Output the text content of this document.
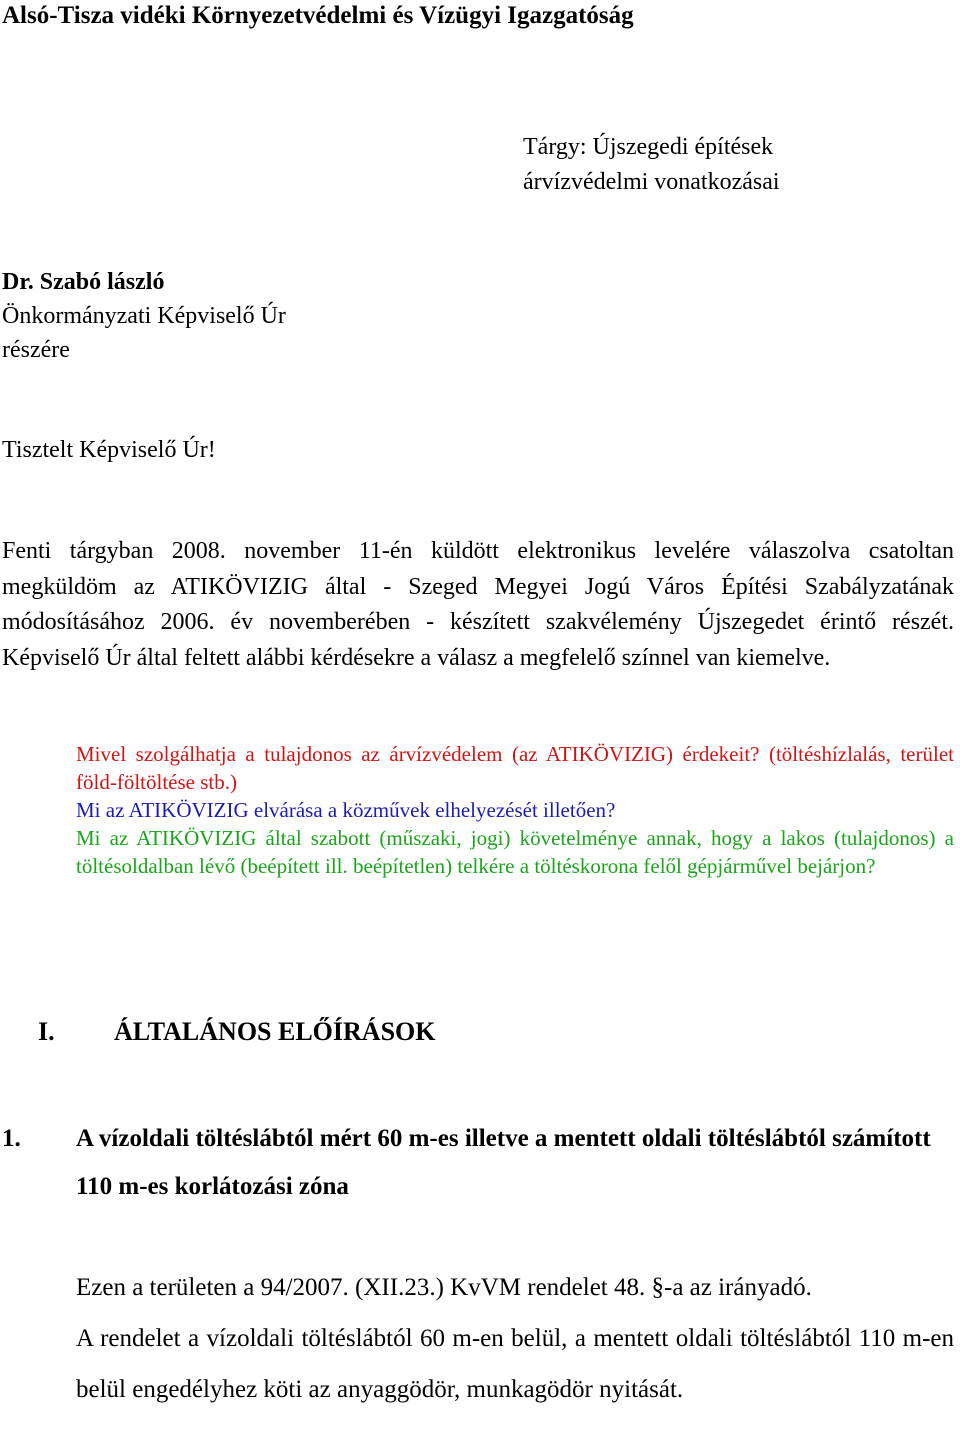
Alsó-Tisza vidéki Környezetvédelmi és Vízügyi Igazgatóság
Tárgy: Újszegedi építések
árvízvédelmi vonatkozásai
Dr. Szabó lászló
Önkormányzati Képviselő Úr
részére
Tisztelt Képviselő Úr!
Fenti tárgyban 2008. november 11-én küldött elektronikus levelére válaszolva csatoltan megküldöm az ATIKÖVIZIG által - Szeged Megyei Jogú Város Építési Szabályzatának módosításához 2006. év novemberében - készített szakvélemény Újszegedet érintő részét. Képviselő Úr által feltett alábbi kérdésekre a válasz a megfelelő színnel van kiemelve.
Mivel szolgálhatja a tulajdonos az árvízvédelem (az ATIKÖVIZIG) érdekeit? (töltéshízlalás, terület föld-föltöltése stb.)
Mi az ATIKÖVIZIG elvárása a közművek elhelyezését illetően?
Mi az ATIKÖVIZIG által szabott (műszaki, jogi) követelménye annak, hogy a lakos (tulajdonos) a töltésoldalban lévő (beépített ill. beépítetlen) telkére a töltéskorona felől gépjárművel bejárjon?
I. ÁLTALÁNOS ELŐÍRÁSOK
1. A vízoldali töltéslábtól mért 60 m-es illetve a mentett oldali töltéslábtól számított 110 m-es korlátozási zóna
Ezen a területen a 94/2007. (XII.23.) KvVM rendelet 48. §-a az irányadó.
A rendelet a vízoldali töltéslábtól 60 m-en belül, a mentett oldali töltéslábtól 110 m-en belül engedélyhez köti az anyaggödör, munkagödör nyitását.
